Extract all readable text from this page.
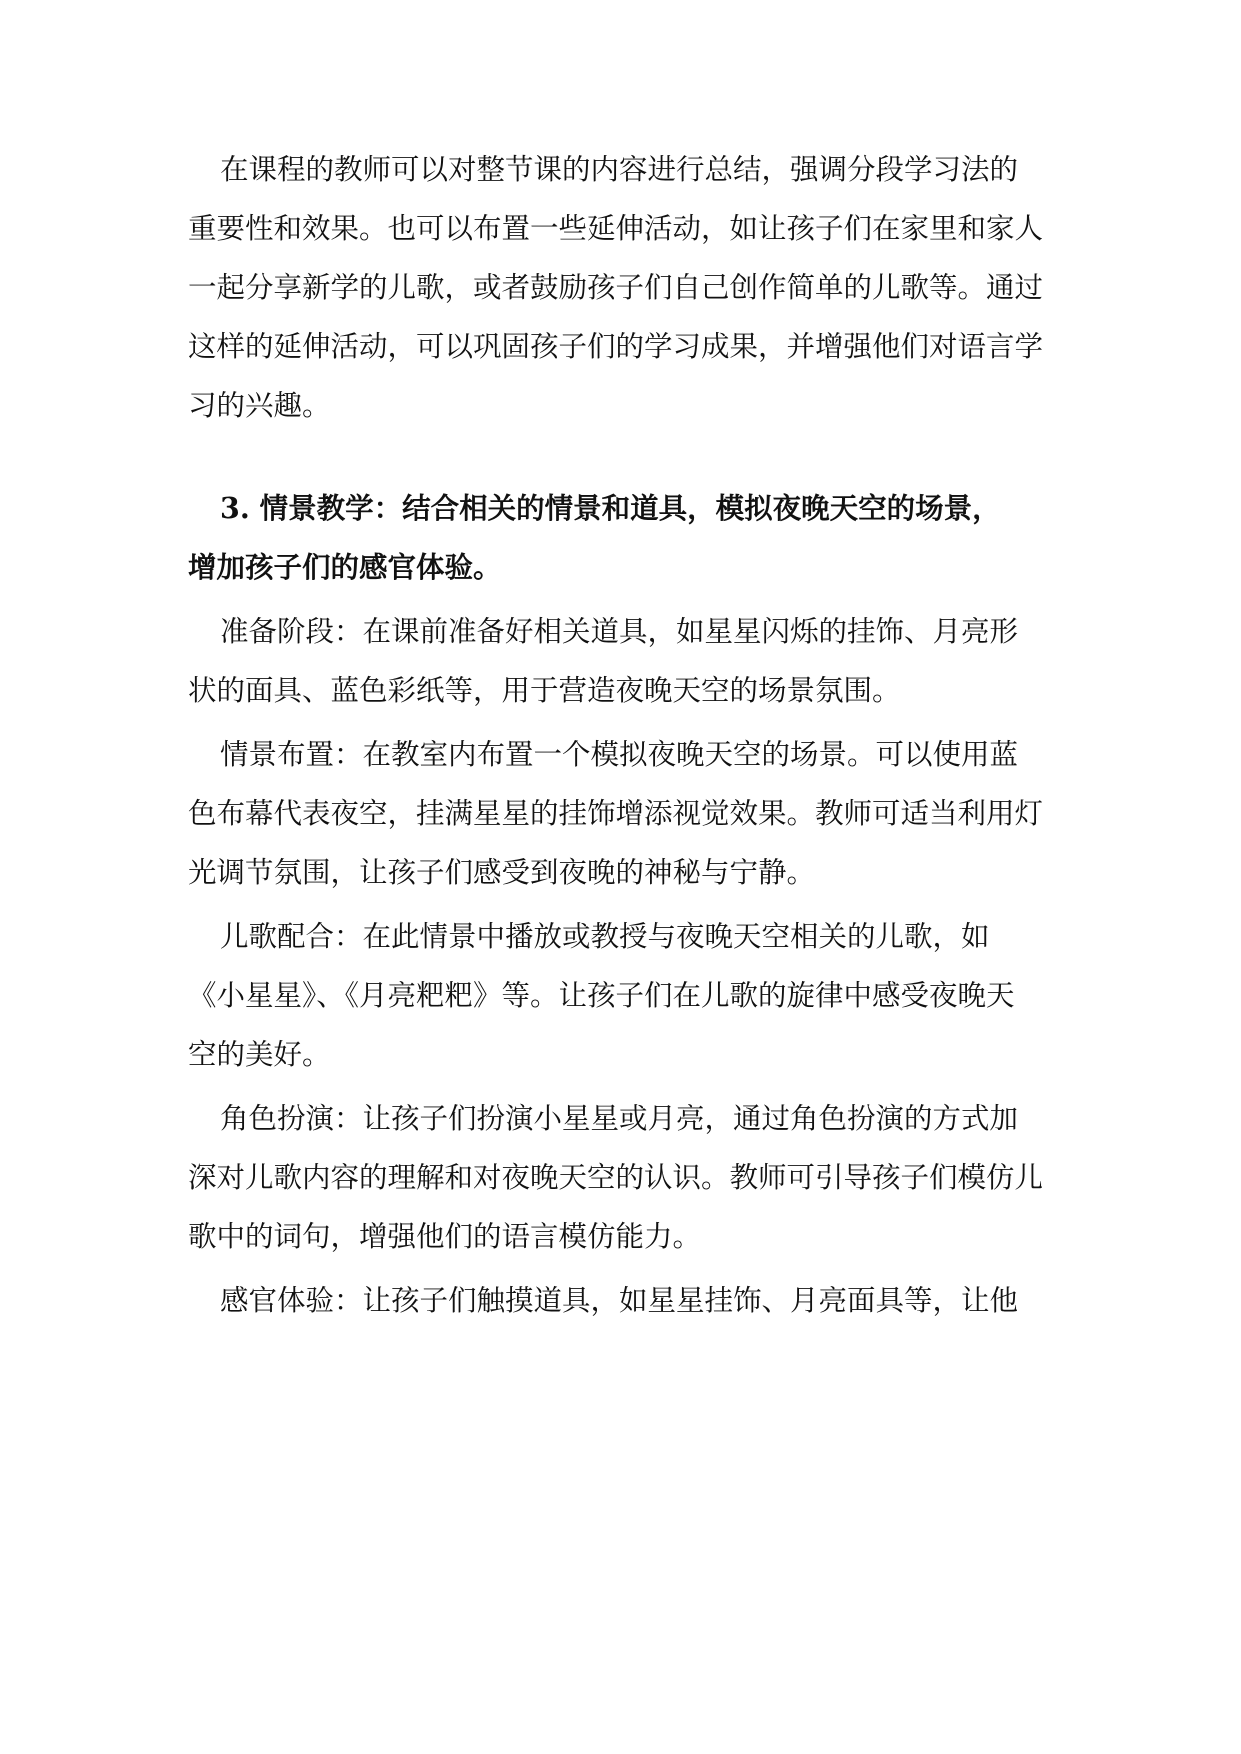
在课程的教师可以对整节课的内容进行总结，强调分段学习法的
重要性和效果。也可以布置一些延伸活动，如让孩子们在家里和家人
一起分享新学的儿歌，或者鼓励孩子们自己创作简单的儿歌等。通过
这样的延伸活动，可以巩固孩子们的学习成果，并增强他们对语言学
习的兴趣。
3. 情景教学：结合相关的情景和道具，模拟夜晚天空的场景，
增加孩子们的感官体验。
准备阶段：在课前准备好相关道具，如星星闪烁的挂饰、月亮形
状的面具、蓝色彩纸等，用于营造夜晚天空的场景氛围。
情景布置：在教室内布置一个模拟夜晚天空的场景。可以使用蓝
色布幕代表夜空，挂满星星的挂饰增添视觉效果。教师可适当利用灯
光调节氛围，让孩子们感受到夜晚的神秘与宁静。
儿歌配合：在此情景中播放或教授与夜晚天空相关的儿歌，如
《小星星》、《月亮粑粑》等。让孩子们在儿歌的旋律中感受夜晚天
空的美好。
角色扮演：让孩子们扮演小星星或月亮，通过角色扮演的方式加
深对儿歌内容的理解和对夜晚天空的认识。教师可引导孩子们模仿儿
歌中的词句，增强他们的语言模仿能力。
感官体验：让孩子们触摸道具，如星星挂饰、月亮面具等，让他
